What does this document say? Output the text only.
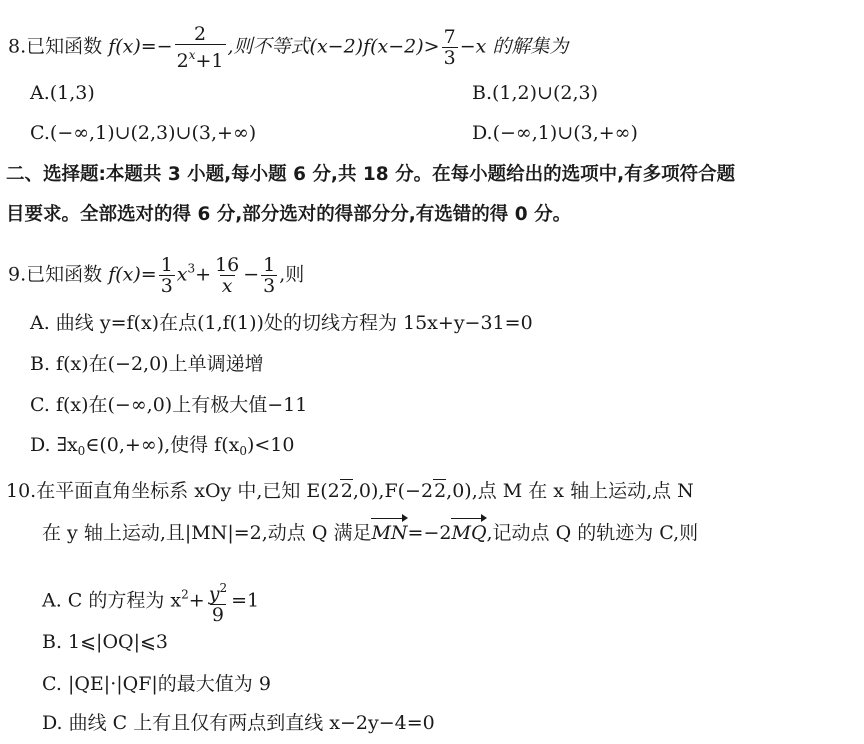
8.已知函数 $f(x)=- \frac{2}{2^x+1}$ ,则不等式$(x-2)f(x-2)> \frac{7}{3} -x$ 的解集为
A.(1,3)	B.(1,2)∪(2,3)
C.(−∞,1)∪(2,3)∪(3,+∞)	D.(−∞,1)∪(3,+∞)
二、选择题:本题共 3 小题,每小题 6 分,共 18 分。在每小题给出的选项中,有多项符合题
目要求。全部选对的得 6 分,部分选对的得部分分,有选错的得 0 分。
9.已知函数 $f(x)= \frac{1}{3} x^3+ \frac{16}{x} - \frac{1}{3}$ ,则
A. 曲线 y=f(x)在点(1,f(1))处的切线方程为 15x+y−31=0
B. f(x)在(−2,0)上单调递增
C. f(x)在(−∞,0)上有极大值−11
D. $\exists x_0\in(0,+\infty)$,使得 $f(x_0)<10$
10.在平面直角坐标系 xOy 中,已知 E(22,0),F(−22,0),点 M 在 x 轴上运动,点 N
在 y 轴上运动,且|MN|=2,动点 Q 满足MN=−2MQ,记动点 Q 的轨迹为 C,则
A. C 的方程为 $x^2+ \frac{y^2}{9} =1$
B. 1⩽|OQ|⩽3
C. |QE|·|QF|的最大值为 9
D. 曲线 C 上有且仅有两点到直线 x−2y−4=0
